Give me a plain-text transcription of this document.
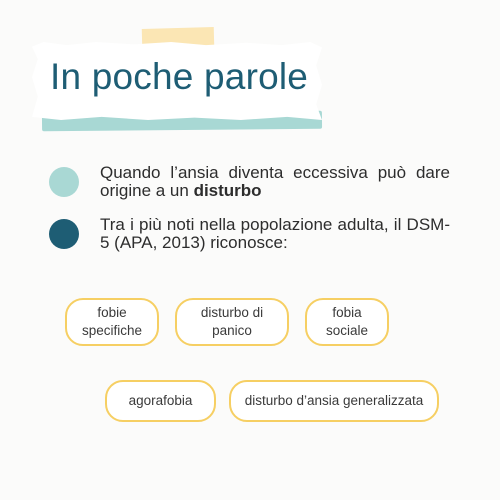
In poche parole
Quando l’ansia diventa eccessiva può dare origine a un disturbo
Tra i più noti nella popolazione adulta, il DSM-5 (APA, 2013) riconosce:
fobie
specifiche
disturbo di
panico
fobia
sociale
agorafobia	disturbo d’ansia generalizzata
